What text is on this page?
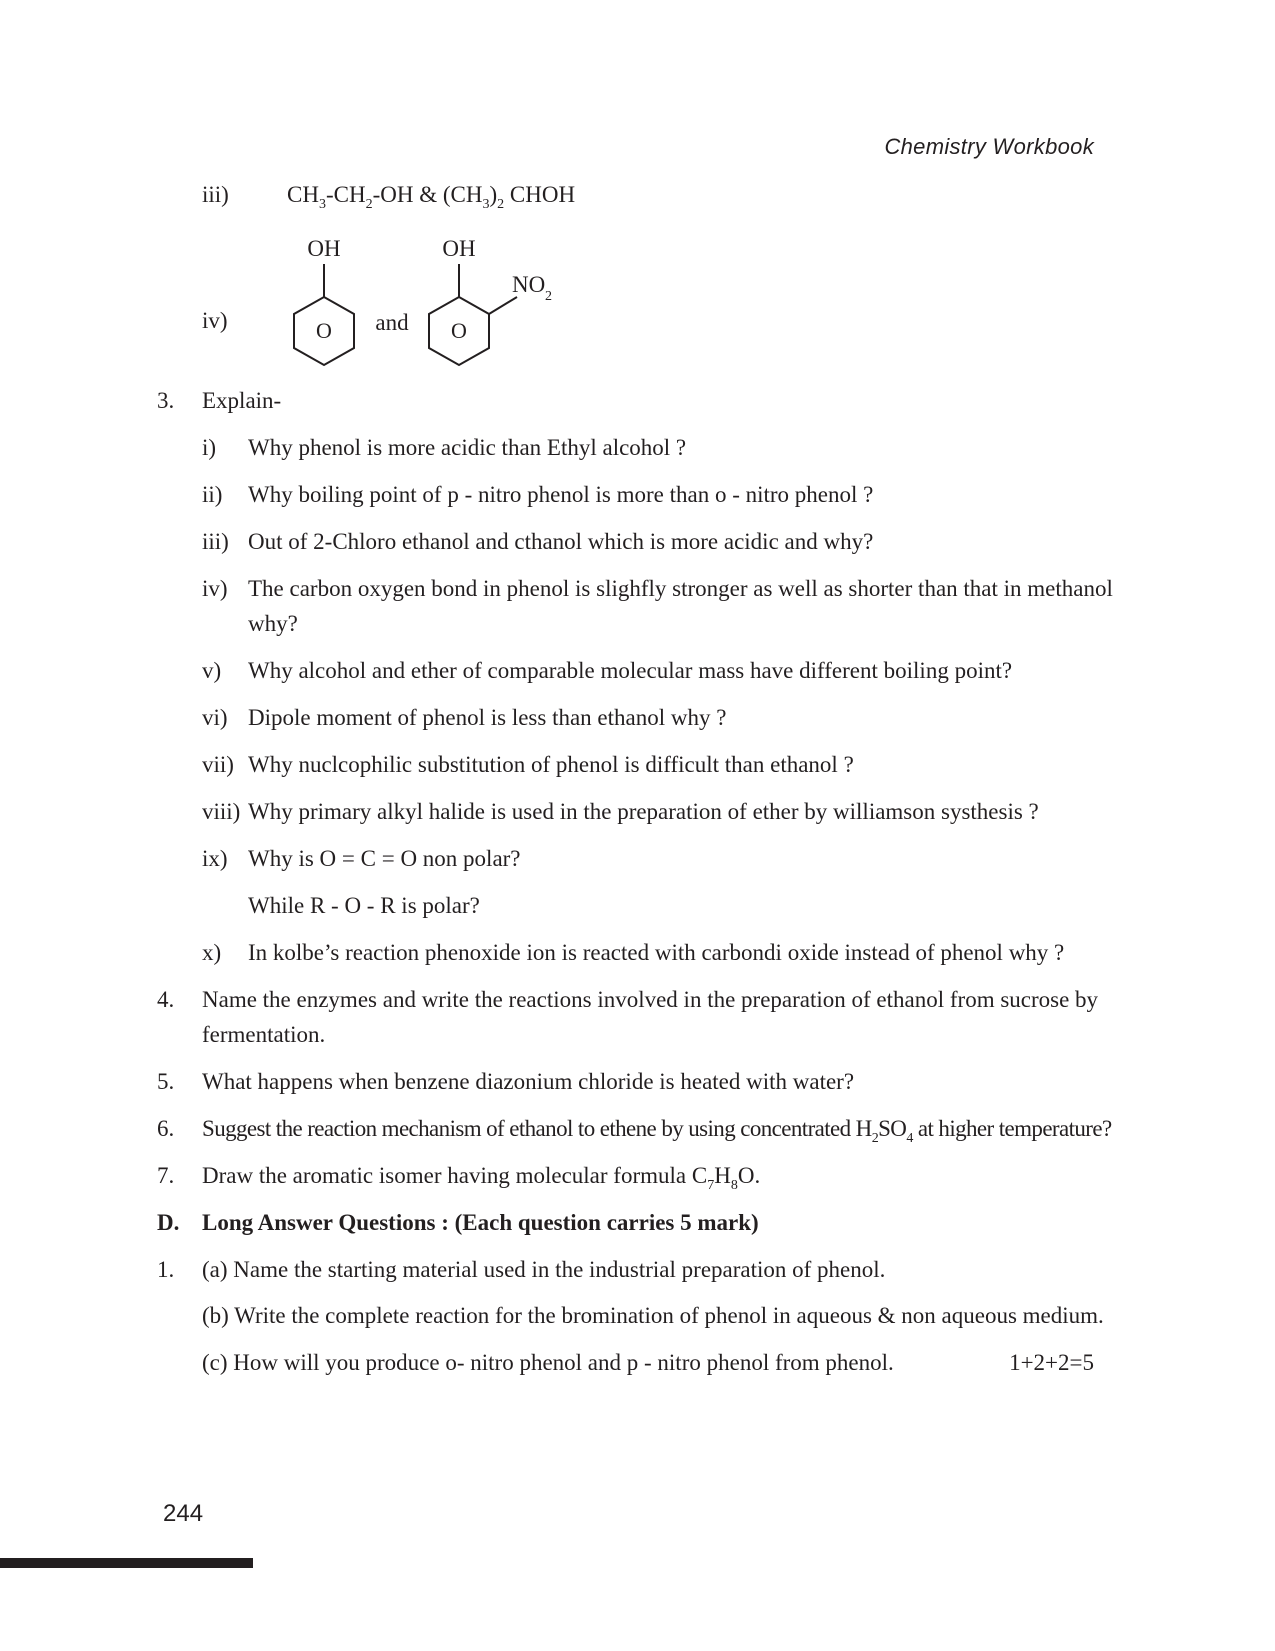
Chemistry Workbook
iii)	$CH_3-CH_2-OH$ & $(CH_3)_2$ CHOH
iv)
OH	OH
O	O
and
NO 2
3. Explain-
i) Why phenol is more acidic than Ethyl alcohol ?
ii) Why boiling point of p - nitro phenol is more than o - nitro phenol ?
iii) Out of 2-Chloro ethanol and cthanol which is more acidic and why?
iv) The carbon oxygen bond in phenol is slighfly stronger as well as shorter than that in methanol
why?
v) Why alcohol and ether of comparable molecular mass have different boiling point?
vi) Dipole moment of phenol is less than ethanol why ?
vii) Why nuclcophilic substitution of phenol is difficult than ethanol ?
viii) Why primary alkyl halide is used in the preparation of ether by williamson systhesis ?
ix) Why is O = C = O non polar?
While R - O - R is polar?
x) In kolbe’s reaction phenoxide ion is reacted with carbondi oxide instead of phenol why ?
4. Name the enzymes and write the reactions involved in the preparation of ethanol from sucrose by
fermentation.
5. What happens when benzene diazonium chloride is heated with water?
6. Suggest the reaction mechanism of ethanol to ethene by using concentrated $H_2SO_4$ at higher temperature?
7. Draw the aromatic isomer having molecular formula $C_7H_8O$.
D. Long Answer Questions : (Each question carries 5 mark)
1. (a) Name the starting material used in the industrial preparation of phenol.
(b) Write the complete reaction for the bromination of phenol in aqueous & non aqueous medium.
(c) How will you produce o- nitro phenol and p - nitro phenol from phenol.	1+2+2=5
244
